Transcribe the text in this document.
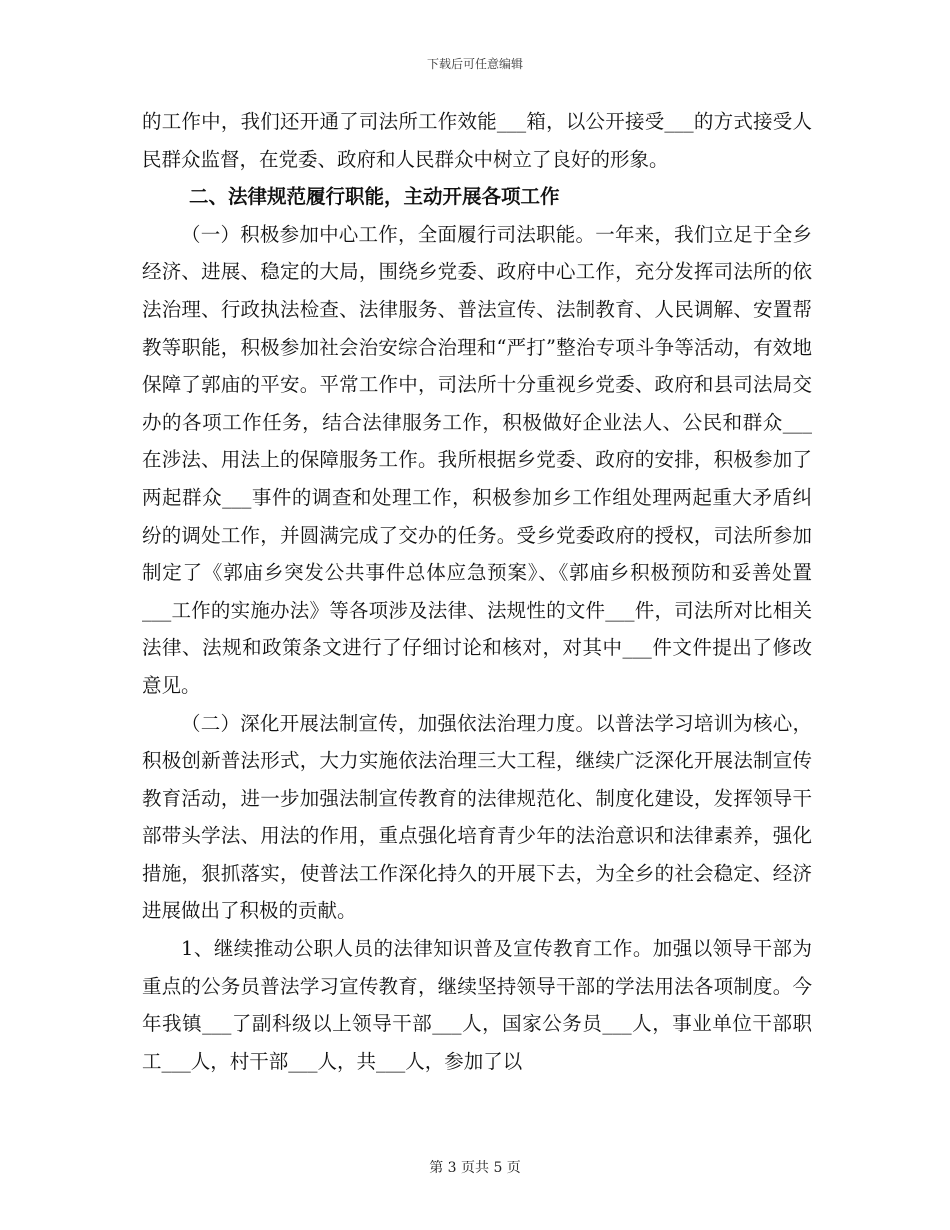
下载后可任意编辑

的工作中，我们还开通了司法所工作效能___箱，以公开接受___的方式接受人民群众监督，在党委、政府和人民群众中树立了良好的形象。

二、法律规范履行职能，主动开展各项工作

（一）积极参加中心工作，全面履行司法职能。一年来，我们立足于全乡经济、进展、稳定的大局，围绕乡党委、政府中心工作，充分发挥司法所的依法治理、行政执法检查、法律服务、普法宣传、法制教育、人民调解、安置帮教等职能，积极参加社会治安综合治理和“严打”整治专项斗争等活动，有效地保障了郭庙的平安。平常工作中，司法所十分重视乡党委、政府和县司法局交办的各项工作任务，结合法律服务工作，积极做好企业法人、公民和群众___在涉法、用法上的保障服务工作。我所根据乡党委、政府的安排，积极参加了两起群众___事件的调查和处理工作，积极参加乡工作组处理两起重大矛盾纠纷的调处工作，并圆满完成了交办的任务。受乡党委政府的授权，司法所参加制定了《郭庙乡突发公共事件总体应急预案》、《郭庙乡积极预防和妥善处置___工作的实施办法》等各项涉及法律、法规性的文件___件，司法所对比相关法律、法规和政策条文进行了仔细讨论和核对，对其中___件文件提出了修改意见。

（二）深化开展法制宣传，加强依法治理力度。以普法学习培训为核心，积极创新普法形式，大力实施依法治理三大工程，继续广泛深化开展法制宣传教育活动，进一步加强法制宣传教育的法律规范化、制度化建设，发挥领导干部带头学法、用法的作用，重点强化培育青少年的法治意识和法律素养，强化措施，狠抓落实，使普法工作深化持久的开展下去，为全乡的社会稳定、经济进展做出了积极的贡献。

1、继续推动公职人员的法律知识普及宣传教育工作。加强以领导干部为重点的公务员普法学习宣传教育，继续坚持领导干部的学法用法各项制度。今年我镇___了副科级以上领导干部___人，国家公务员___人，事业单位干部职工___人，村干部___人，共___人，参加了以

第 3 页共 5 页
